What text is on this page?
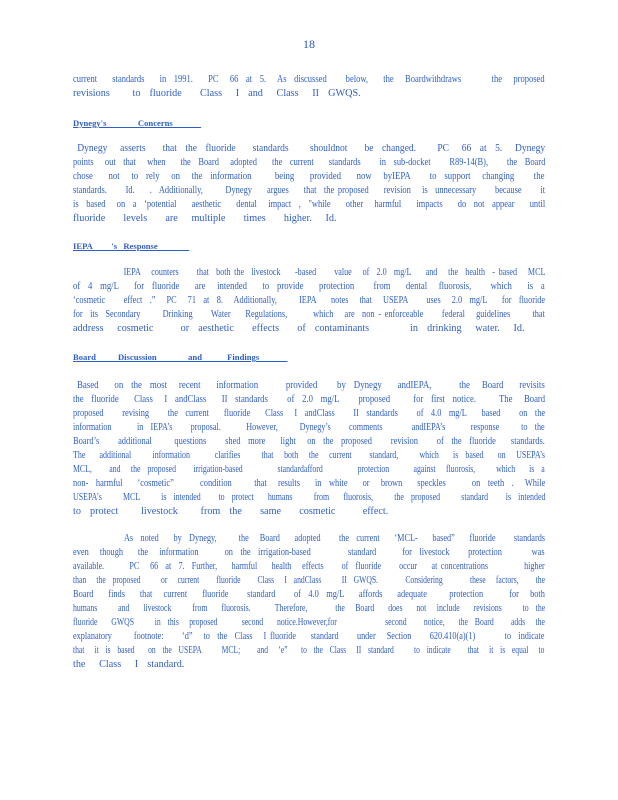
18
current    standards    in  1991.    PC   66  at  5.   As  discussed     below,    the   Boardwithdraws        the   proposed
revisions     to  fluoride    Class   I  and   Class   II  GWQS.
Dynegy's          Concerns
Dynegy   asserts    that  the  fluoride    standards     shouldnot    be  changed.     PC   66  at  5.   Dynegy
points   out  that   when    the  Board   adopted    the  current    standards     in  sub-docket     R89-14(B),     the  Board
chose    not   to  rely   on   the  information      being    provided    now   byIEPA     to  support   changing     the
standards.     Id.    .  Additionally,      Dynegy    argues    that  the proposed    revision   is  unnecessary     because     it
is  based   on  a  ‘potential    aesthetic    dental   impact  ,  "while    other   harmful    impacts    do  not  appear    until
fluoride    levels    are   multiple    times    higher.   Id.
IEPA      's  Response
IEPA   counters     that  both the  livestock    -based     value   of  2.0  mg/L    and   the  health  - based   MCL
of  4  mg/L    for  fluoride    are   intended    to  provide    protection     from    dental   fluorosis,     which    is  a
‘cosmetic     effect  .”   PC   71  at  8.   Additionally,      IEPA    notes   that   USEPA     uses   2.0  mg/L    for  fluoride
for  its  Secondary      Drinking     Water    Regulations,       which   are  non - enforceable     federal   guidelines      that
address   cosmetic      or  aesthetic    effects    of  contaminants         in  drinking   water.   Id.
Board       Discussion          and        Findings
Based    on  the  most   recent    information       provided     by  Dynegy    andIEPA,       the   Board    revisits
the  fluoride    Class   I  andClass    II  standards     of  2.0  mg/L     proposed      for  first  notice.      The   Board
proposed     revising     the  current    fluoride    Class   I  andClass     II  standards     of  4.0  mg/L    based     on  the
information       in  IEPA’s     proposal.       However,      Dynegy’s     comments        andIEPA’s       response      to  the
Board’s     additional      questions     shed  more    light   on  the  proposed     revision     of  the  fluoride    standards.
The    additional      information       clarifies      that   both   the   current     standard,      which    is  based    on   USEPA’s
MCL,     and   the  proposed     irrigation-based          standardafford          protection       against   fluorosis,      which    is  a
non-  harmful    ‘cosmetic”       condition      that   results    in  white    or   brown    speckles       on  teeth  .   While
USEPA’s      MCL      is  intended     to  protect    humans      from    fluorosis,      the  proposed      standard     is  intended
to  protect     livestock     from  the    same    cosmetic      effect.
As  noted    by  Dynegy,      the   Board    adopted     the  current    ‘MCL-    based”    fluoride     standards
even   though    the   information       on  the  irrigation-based          standard       for  livestock     protection        was
available.       PC   66  at  7.  Further,    harmful    health   effects     of  fluoride     occur    at concentrations          higher
than   the  proposed      or   current     fluoride     Class   I  andClass      II  GWQS.        Considering        these   factors,     the
Board    finds    that   current    fluoride     standard     of  4.0  mg/L    affords    adequate      protection       for   both
humans      and    livestock      from    fluorosis.       Therefore,        the   Board    does    not   include    revisions      to  the
fluoride    GWQS      in  this   proposed       second    notice.However,for              second     notice,    the  Board     adds   the
explanatory      footnote:     ‘d”   to  the  Class   I fluoride    standard     under   Section     620.410(a)(1)        to  indicate
that   it  is  based    on  the  USEPA      MCL;     and   ‘e”    to  the  Class   II  standard      to  indicate     that   it  is  equal   to
the   Class   I  standard.
